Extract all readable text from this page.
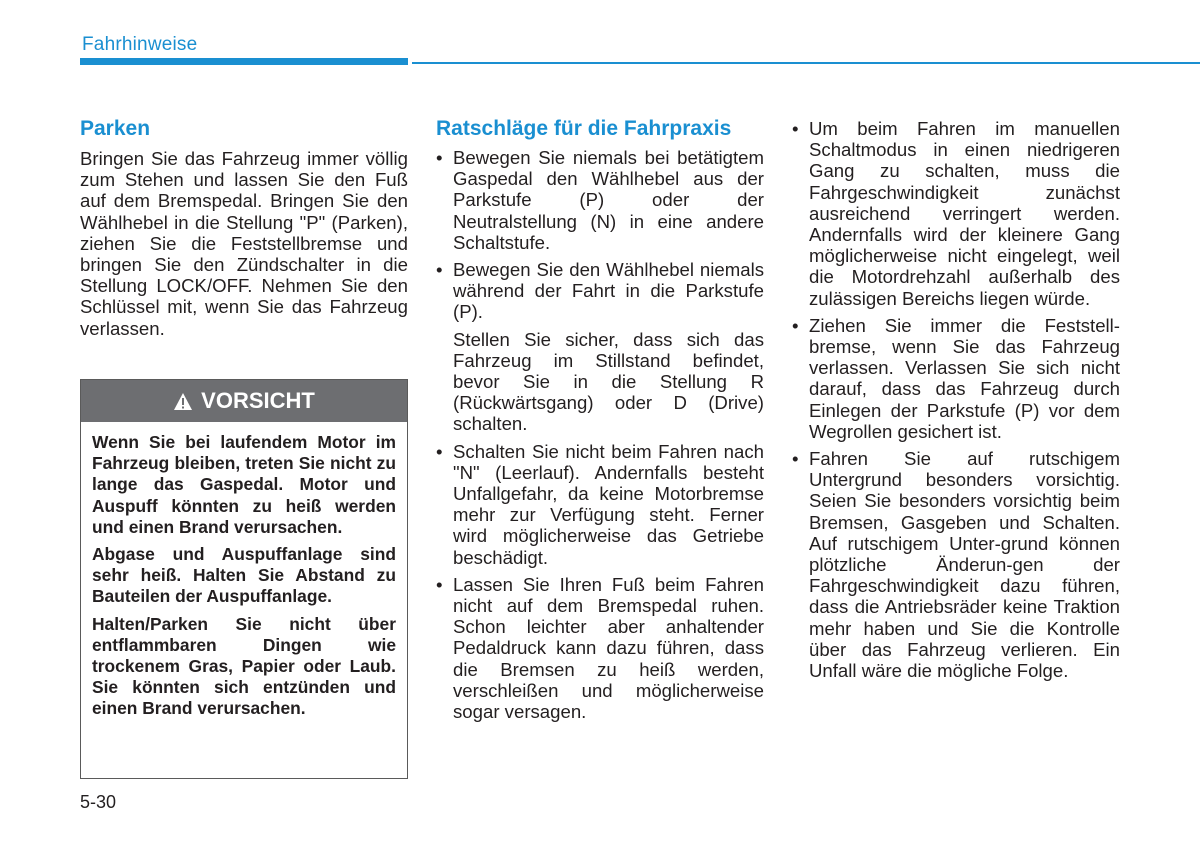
Fahrhinweise
Parken

Bringen Sie das Fahrzeug immer völlig zum Stehen und lassen Sie den Fuß auf dem Bremspedal. Bringen Sie den Wählhebel in die Stellung "P" (Parken), ziehen Sie die Feststellbremse und bringen Sie den Zündschalter in die Stellung LOCK/OFF. Nehmen Sie den Schlüssel mit, wenn Sie das Fahrzeug verlassen.

VORSICHT

Wenn Sie bei laufendem Motor im Fahrzeug bleiben, treten Sie nicht zu lange das Gaspedal. Motor und Auspuff könnten zu heiß werden und einen Brand verursachen.

Abgase und Auspuffanlage sind sehr heiß. Halten Sie Abstand zu Bauteilen der Auspuffanlage.

Halten/Parken Sie nicht über entflammbaren Dingen wie trockenem Gras, Papier oder Laub. Sie könnten sich entzünden und einen Brand verursachen.

Ratschläge für die Fahrpraxis
• Bewegen Sie niemals bei betätigtem Gaspedal den Wählhebel aus der Parkstufe (P) oder der Neutralstellung (N) in eine andere Schaltstufe.
• Bewegen Sie den Wählhebel niemals während der Fahrt in die Parkstufe (P).
Stellen Sie sicher, dass sich das Fahrzeug im Stillstand befindet, bevor Sie in die Stellung R (Rückwärtsgang) oder D (Drive) schalten.
• Schalten Sie nicht beim Fahren nach "N" (Leerlauf). Andernfalls besteht Unfallgefahr, da keine Motorbremse mehr zur Verfügung steht. Ferner wird möglicherweise das Getriebe beschädigt.
• Lassen Sie Ihren Fuß beim Fahren nicht auf dem Bremspedal ruhen. Schon leichter aber anhaltender Pedaldruck kann dazu führen, dass die Bremsen zu heiß werden, verschleißen und möglicherweise sogar versagen.
• Um beim Fahren im manuellen Schaltmodus in einen niedrigeren Gang zu schalten, muss die Fahrgeschwindigkeit zunächst ausreichend verringert werden. Andernfalls wird der kleinere Gang möglicherweise nicht eingelegt, weil die Motordrehzahl außerhalb des zulässigen Bereichs liegen würde.
• Ziehen Sie immer die Feststell-bremse, wenn Sie das Fahrzeug verlassen. Verlassen Sie sich nicht darauf, dass das Fahrzeug durch Einlegen der Parkstufe (P) vor dem Wegrollen gesichert ist.
• Fahren Sie auf rutschigem Untergrund besonders vorsichtig. Seien Sie besonders vorsichtig beim Bremsen, Gasgeben und Schalten. Auf rutschigem Unter-grund können plötzliche Änderun-gen der Fahrgeschwindigkeit dazu führen, dass die Antriebsräder keine Traktion mehr haben und Sie die Kontrolle über das Fahrzeug verlieren. Ein Unfall wäre die mögliche Folge.
5-30
